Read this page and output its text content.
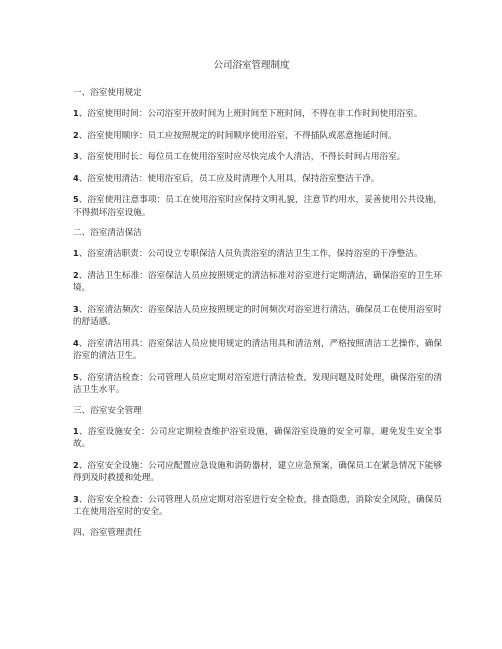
公司浴室管理制度

一、浴室使用规定

1、浴室使用时间：公司浴室开放时间为上班时间至下班时间，不得在非工作时间使用浴室。

2、浴室使用顺序：员工应按照规定的时间顺序使用浴室，不得插队或恶意拖延时间。

3、浴室使用时长：每位员工在使用浴室时应尽快完成个人清洁，不得长时间占用浴室。

4、浴室使用清洁：使用浴室后，员工应及时清理个人用具，保持浴室整洁干净。

5、浴室使用注意事项：员工在使用浴室时应保持文明礼貌，注意节约用水，妥善使用公共设施，不得损坏浴室设施。

二、浴室清洁保洁

1、浴室清洁职责：公司设立专职保洁人员负责浴室的清洁卫生工作，保持浴室的干净整洁。

2、清洁卫生标准：浴室保洁人员应按照规定的清洁标准对浴室进行定期清洁，确保浴室的卫生环境。

3、浴室清洁频次：浴室保洁人员应按照规定的时间频次对浴室进行清洁，确保员工在使用浴室时的舒适感。

4、浴室清洁用具：浴室保洁人员应使用规定的清洁用具和清洁剂，严格按照清洁工艺操作，确保浴室的清洁卫生。

5、浴室清洁检查：公司管理人员应定期对浴室进行清洁检查，发现问题及时处理，确保浴室的清洁卫生水平。

三、浴室安全管理

1、浴室设施安全：公司应定期检查维护浴室设施，确保浴室设施的安全可靠，避免发生安全事故。

2、浴室安全设施：公司应配置应急设施和消防器材，建立应急预案，确保员工在紧急情况下能够得到及时救援和处理。

3、浴室安全检查：公司管理人员应定期对浴室进行安全检查，排查隐患，消除安全风险，确保员工在使用浴室时的安全。

四、浴室管理责任
